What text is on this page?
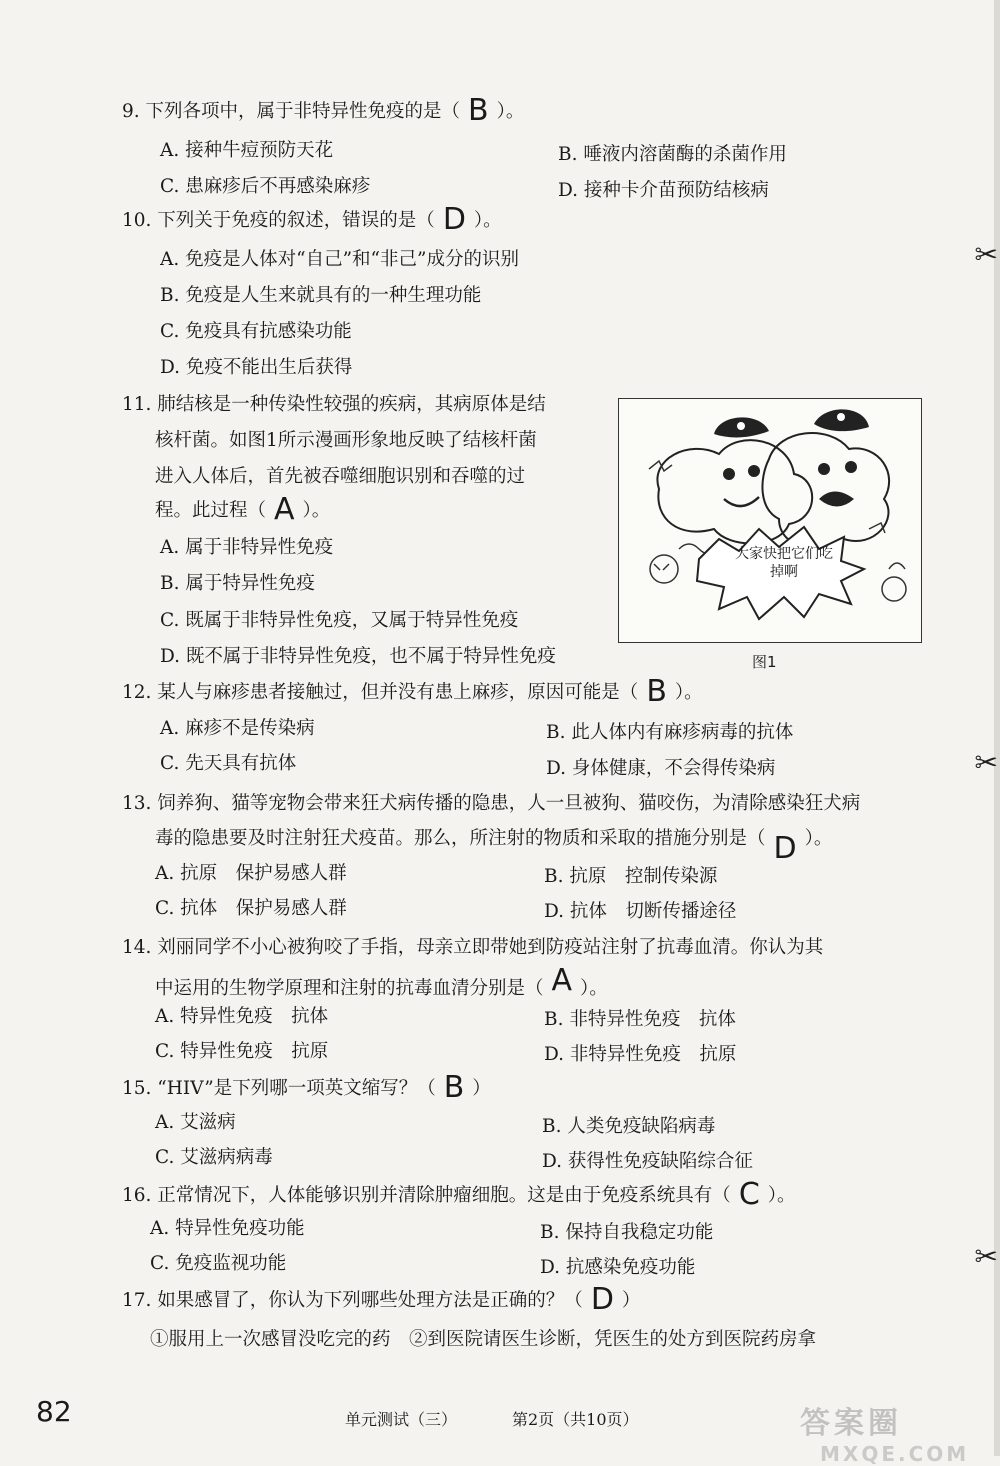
9. 下列各项中，属于非特异性免疫的是（ B ）。
A. 接种牛痘预防天花	B. 唾液内溶菌酶的杀菌作用
C. 患麻疹后不再感染麻疹	D. 接种卡介苗预防结核病
10. 下列关于免疫的叙述，错误的是（ D ）。
A. 免疫是人体对“自己”和“非己”成分的识别
B. 免疫是人生来就具有的一种生理功能
C. 免疫具有抗感染功能
D. 免疫不能出生后获得
11. 肺结核是一种传染性较强的疾病，其病原体是结
核杆菌。如图1所示漫画形象地反映了结核杆菌
进入人体后，首先被吞噬细胞识别和吞噬的过
程。此过程（ A ）。
A. 属于非特异性免疫
B. 属于特异性免疫
C. 既属于非特异性免疫，又属于特异性免疫
D. 既不属于非特异性免疫，也不属于特异性免疫
大家快把它们吃掉啊
图1
12. 某人与麻疹患者接触过，但并没有患上麻疹，原因可能是（ B ）。
A. 麻疹不是传染病	B. 此人体内有麻疹病毒的抗体
C. 先天具有抗体	D. 身体健康，不会得传染病
13. 饲养狗、猫等宠物会带来狂犬病传播的隐患，人一旦被狗、猫咬伤，为清除感染狂犬病
毒的隐患要及时注射狂犬疫苗。那么，所注射的物质和采取的措施分别是（ D ）。
A. 抗原　保护易感人群	B. 抗原　控制传染源
C. 抗体　保护易感人群	D. 抗体　切断传播途径
14. 刘丽同学不小心被狗咬了手指，母亲立即带她到防疫站注射了抗毒血清。你认为其
中运用的生物学原理和注射的抗毒血清分别是（ A ）。
A. 特异性免疫　抗体	B. 非特异性免疫　抗体
C. 特异性免疫　抗原	D. 非特异性免疫　抗原
15. “HIV”是下列哪一项英文缩写？（ B ）
A. 艾滋病	B. 人类免疫缺陷病毒
C. 艾滋病病毒	D. 获得性免疫缺陷综合征
16. 正常情况下，人体能够识别并清除肿瘤细胞。这是由于免疫系统具有（ C ）。
A. 特异性免疫功能	B. 保持自我稳定功能
C. 免疫监视功能	D. 抗感染免疫功能
17. 如果感冒了，你认为下列哪些处理方法是正确的？（ D ）
①服用上一次感冒没吃完的药　②到医院请医生诊断，凭医生的处方到医院药房拿
82	单元测试（三）	第2页（共10页）	答案圈
MXQE.COM
✂
✂
✂
